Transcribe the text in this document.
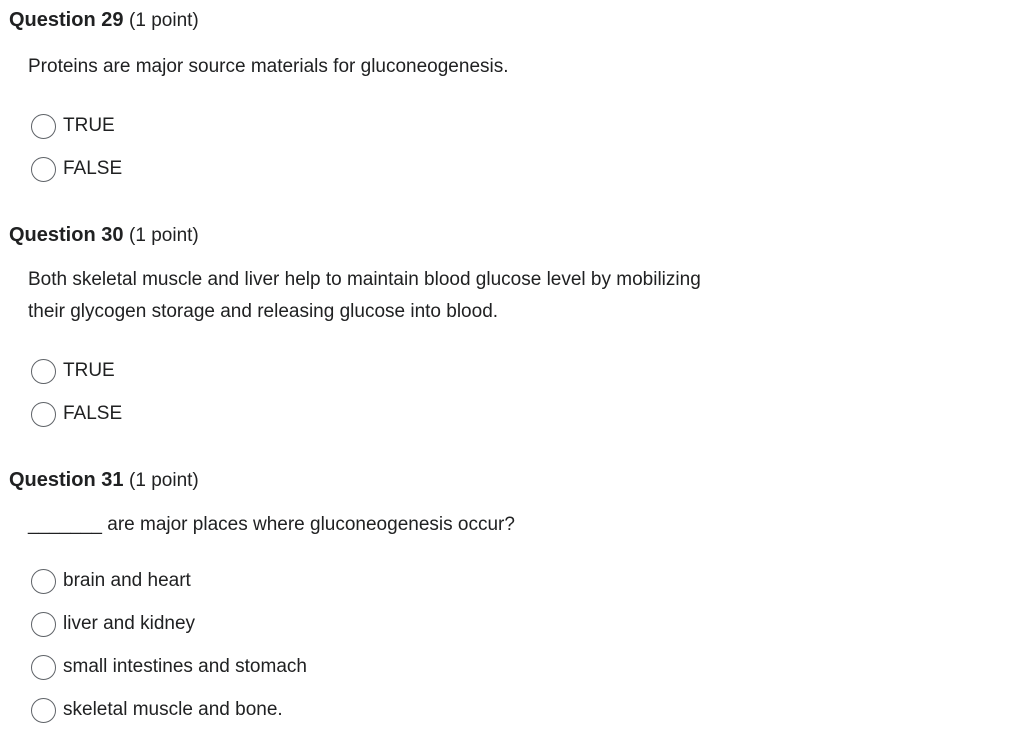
Question 29 (1 point)
Proteins are major source materials for gluconeogenesis.
TRUE
FALSE
Question 30 (1 point)
Both skeletal muscle and liver help to maintain blood glucose level by mobilizing
their glycogen storage and releasing glucose into blood.
TRUE
FALSE
Question 31 (1 point)
_______ are major places where gluconeogenesis occur?
brain and heart
liver and kidney
small intestines and stomach
skeletal muscle and bone.
